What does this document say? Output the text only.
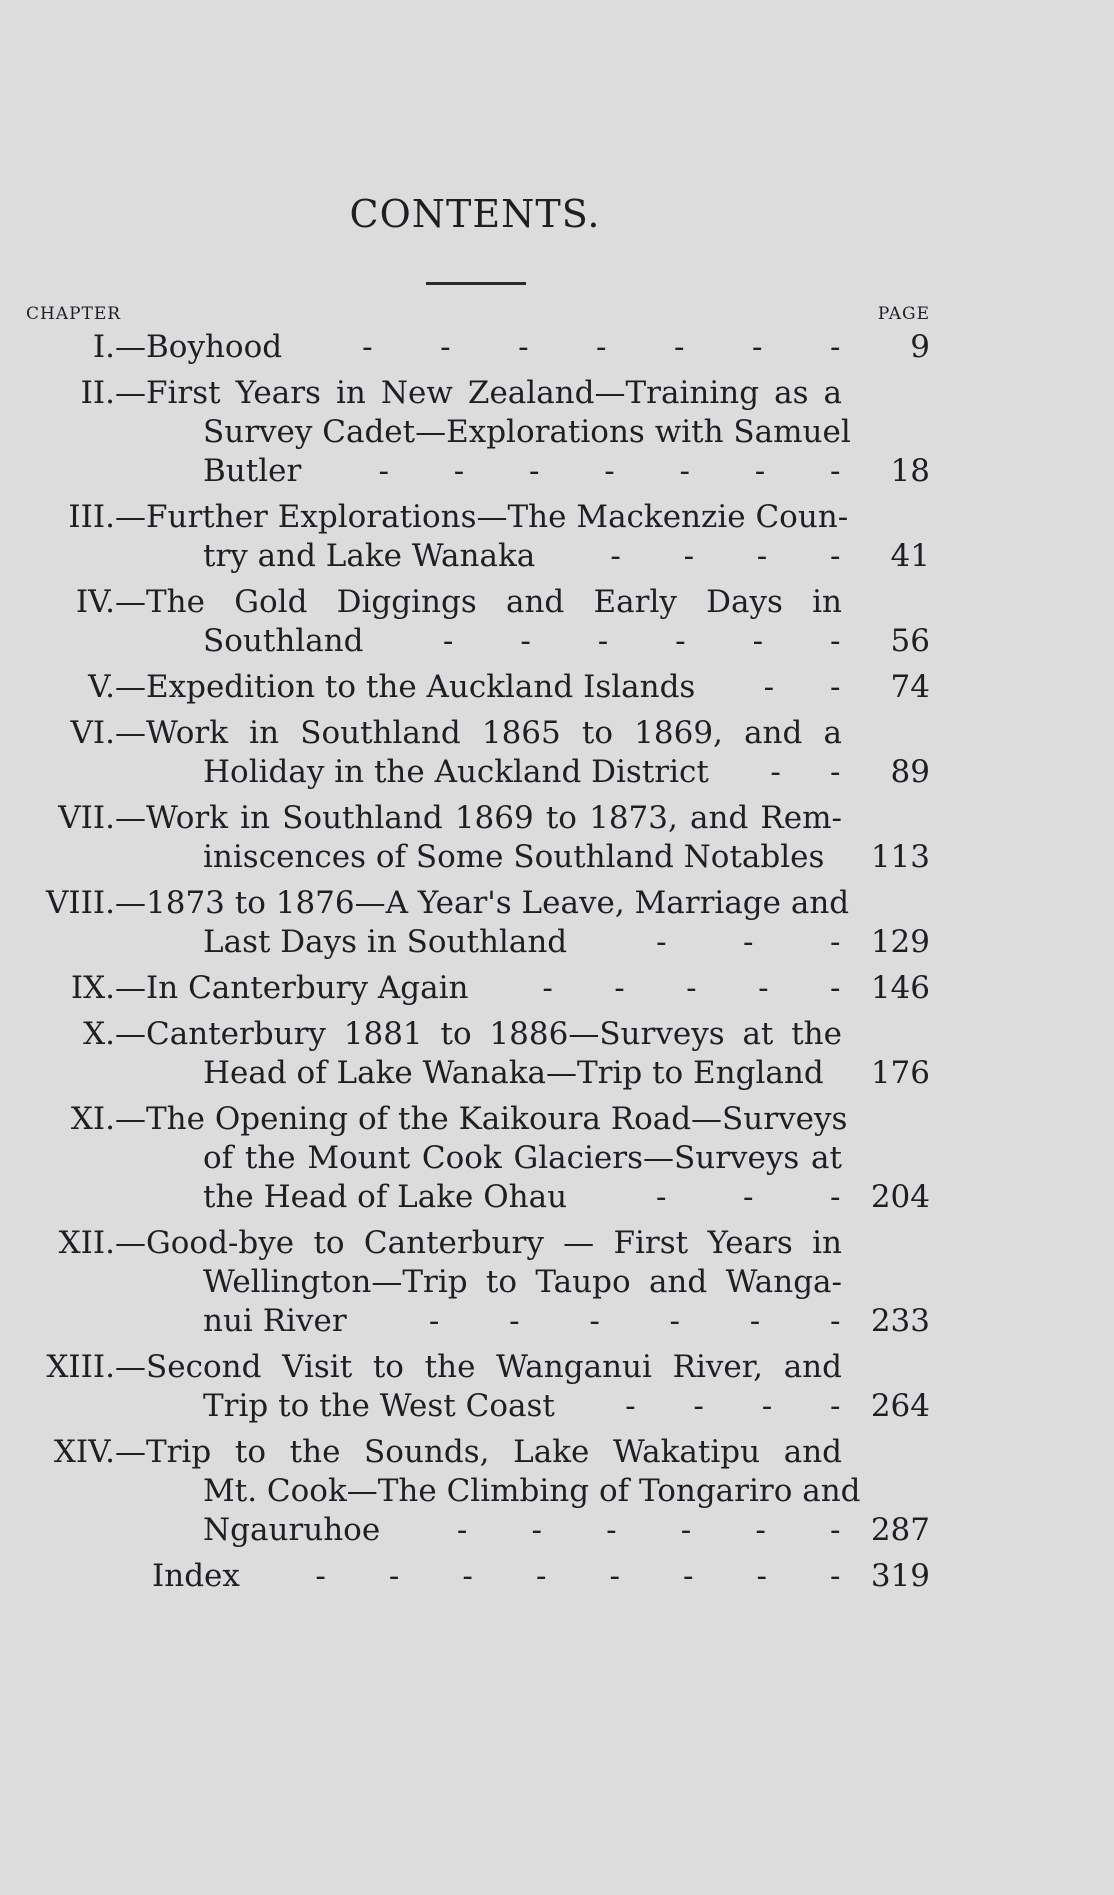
CONTENTS.
CHAPTER	PAGE
I.— Boyhood	- - - - - - - 9
II.— First Years in New Zealand—Training as a
Survey Cadet—Explorations with Samuel
Butler - - - - - - - 18
III.— Further Explorations—The Mackenzie Coun-
try and Lake Wanaka - - - - 41
IV.— The Gold Diggings and Early Days in
Southland	- - - - - - 56
V.— Expedition to the Auckland Islands - - 74
VI.— Work in Southland 1865 to 1869, and a
Holiday in the Auckland District - - 89
VII.— Work in Southland 1869 to 1873, and Rem-
iniscences of Some Southland Notables 113
VIII.— 1873 to 1876—A Year's Leave, Marriage and
Last Days in Southland	- - - 129
IX.— In Canterbury Again - - - - - 146
X.— Canterbury 1881 to 1886—Surveys at the
Head of Lake Wanaka—Trip to England 176
XI.— The Opening of the Kaikoura Road—Surveys
of the Mount Cook Glaciers—Surveys at
the Head of Lake Ohau	- - - 204
XII.— Good-bye to Canterbury — First Years in
Wellington—Trip to Taupo and Wanga-
nui River	- - - - - - 233
XIII.— Second Visit to the Wanganui River, and
Trip to the West Coast - - - - 264
XIV.— Trip to the Sounds, Lake Wakatipu and
Mt. Cook—The Climbing of Tongariro and
Ngauruhoe - - - - - - 287
Index - - - - - - - - 319
